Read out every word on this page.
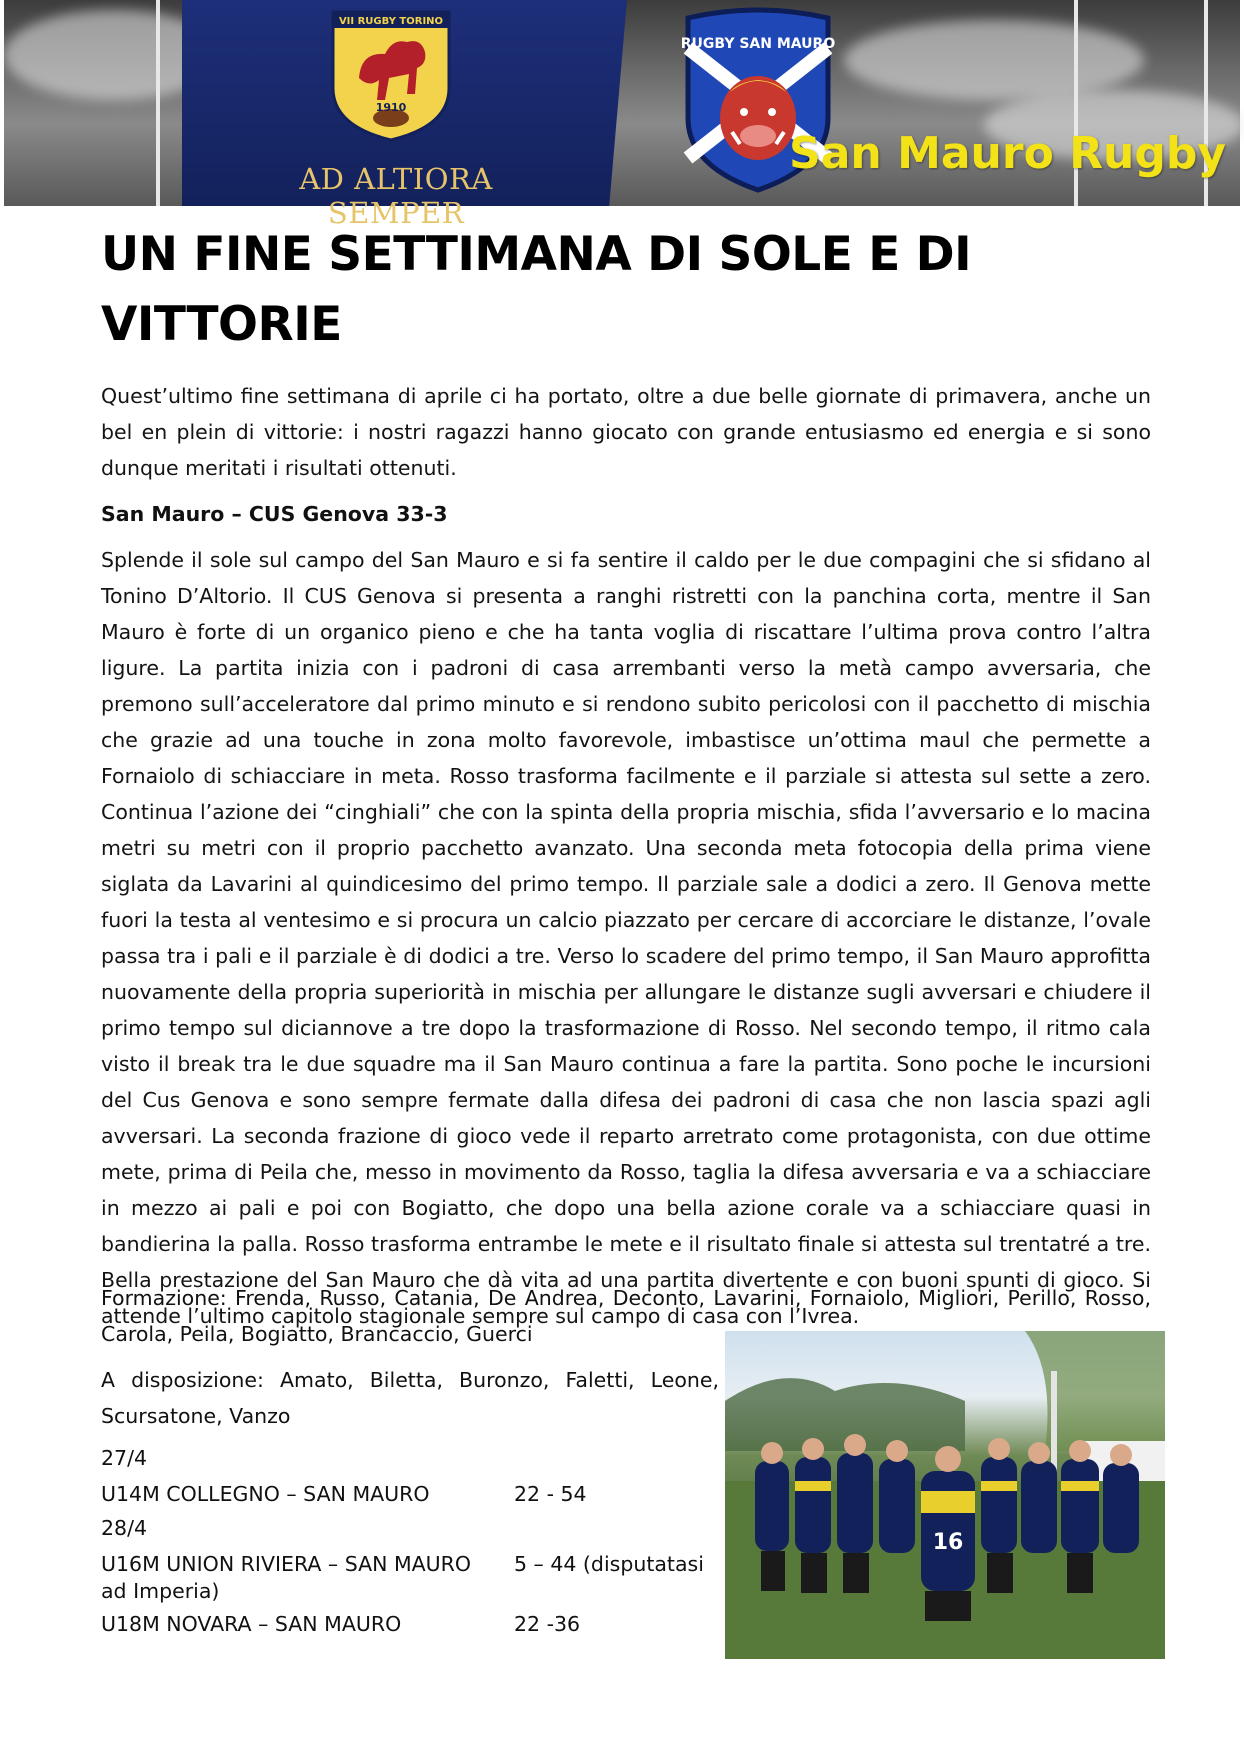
VII RUGBY TORINO
1910
AD ALTIORA SEMPER
RUGBY SAN MAURO
San Mauro Rugby
UN FINE SETTIMANA DI SOLE E DI VITTORIE

Quest’ultimo fine settimana di aprile ci ha portato, oltre a due belle giornate di primavera, anche un bel en plein di vittorie: i nostri ragazzi hanno giocato con grande entusiasmo ed energia e si sono dunque meritati i risultati ottenuti.

San Mauro – CUS Genova 33-3

Splende il sole sul campo del San Mauro e si fa sentire il caldo per le due compagini che si sfidano al Tonino D’Altorio. Il CUS Genova si presenta a ranghi ristretti con la panchina corta, mentre il San Mauro è forte di un organico pieno e che ha tanta voglia di riscattare l’ultima prova contro l’altra ligure. La partita inizia con i padroni di casa arrembanti verso la metà campo avversaria, che premono sull’acceleratore dal primo minuto e si rendono subito pericolosi con il pacchetto di mischia che grazie ad una touche in zona molto favorevole, imbastisce un’ottima maul che permette a Fornaiolo di schiacciare in meta. Rosso trasforma facilmente e il parziale si attesta sul sette a zero. Continua l’azione dei “cinghiali” che con la spinta della propria mischia, sfida l’avversario e lo macina metri su metri con il proprio pacchetto avanzato. Una seconda meta fotocopia della prima viene siglata da Lavarini al quindicesimo del primo tempo. Il parziale sale a dodici a zero. Il Genova mette fuori la testa al ventesimo e si procura un calcio piazzato per cercare di accorciare le distanze, l’ovale passa tra i pali e il parziale è di dodici a tre. Verso lo scadere del primo tempo, il San Mauro approfitta nuovamente della propria superiorità in mischia per allungare le distanze sugli avversari e chiudere il primo tempo sul diciannove a tre dopo la trasformazione di Rosso. Nel secondo tempo, il ritmo cala visto il break tra le due squadre ma il San Mauro continua a fare la partita. Sono poche le incursioni del Cus Genova e sono sempre fermate dalla difesa dei padroni di casa che non lascia spazi agli avversari. La seconda frazione di gioco vede il reparto arretrato come protagonista, con due ottime mete, prima di Peila che, messo in movimento da Rosso, taglia la difesa avversaria e va a schiacciare in mezzo ai pali e poi con Bogiatto, che dopo una bella azione corale va a schiacciare quasi in bandierina la palla. Rosso trasforma entrambe le mete e il risultato finale si attesta sul trentatré a tre. Bella prestazione del San Mauro che dà vita ad una partita divertente e con buoni spunti di gioco. Si attende l’ultimo capitolo stagionale sempre sul campo di casa con l’Ivrea.

Formazione: Frenda, Russo, Catania, De Andrea, Deconto, Lavarini, Fornaiolo, Migliori, Perillo, Rosso, Carola, Peila, Bogiatto, Brancaccio, Guerci

A disposizione: Amato, Biletta, Buronzo, Faletti, Leone, Scursatone, Vanzo

27/4
U14M COLLEGNO – SAN MAURO	22 - 54
28/4
U16M UNION RIVIERA – SAN MAURO	5 – 44 (disputatasi
ad Imperia)
U18M NOVARA – SAN MAURO	22 -36
16
